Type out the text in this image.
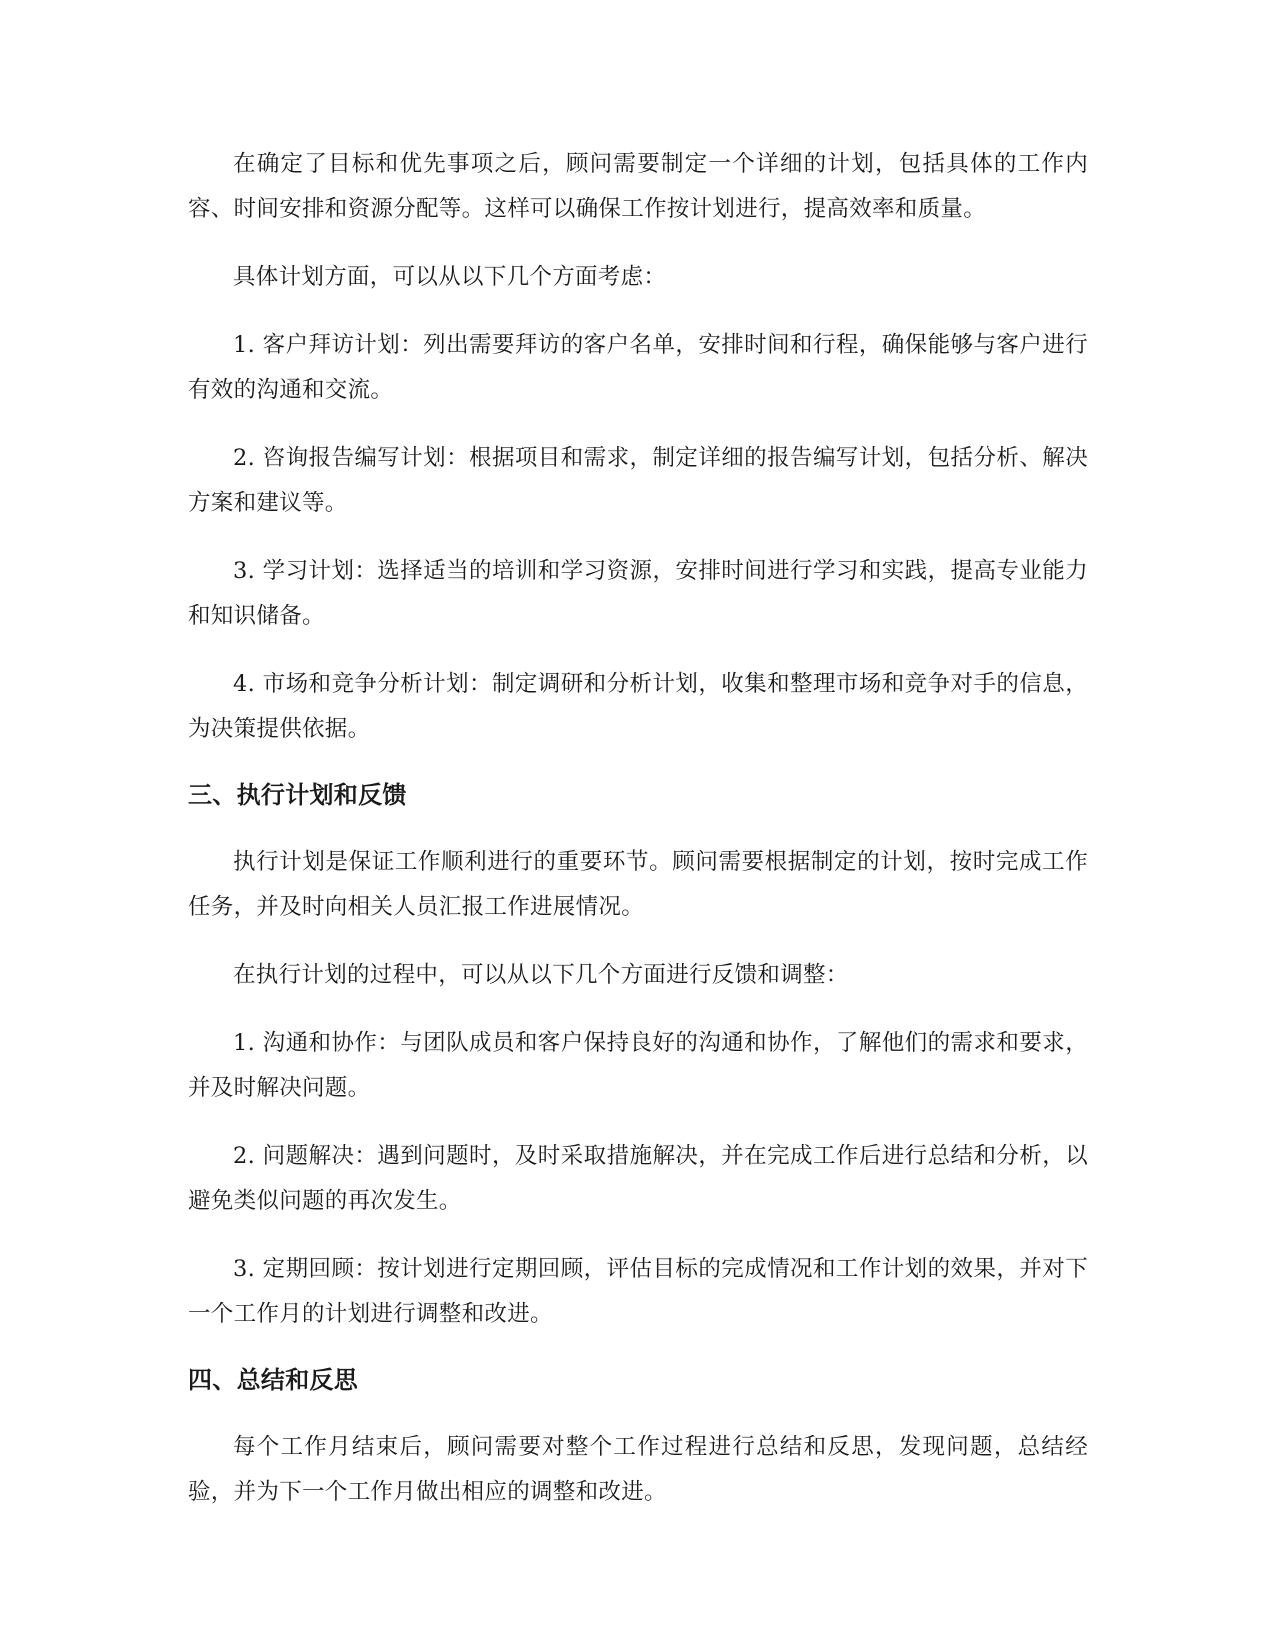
在确定了目标和优先事项之后，顾问需要制定一个详细的计划，包括具体的工作内容、时间安排和资源分配等。这样可以确保工作按计划进行，提高效率和质量。

具体计划方面，可以从以下几个方面考虑：

1. 客户拜访计划：列出需要拜访的客户名单，安排时间和行程，确保能够与客户进行有效的沟通和交流。

2. 咨询报告编写计划：根据项目和需求，制定详细的报告编写计划，包括分析、解决方案和建议等。

3. 学习计划：选择适当的培训和学习资源，安排时间进行学习和实践，提高专业能力和知识储备。

4. 市场和竞争分析计划：制定调研和分析计划，收集和整理市场和竞争对手的信息，为决策提供依据。

三、执行计划和反馈

执行计划是保证工作顺利进行的重要环节。顾问需要根据制定的计划，按时完成工作任务，并及时向相关人员汇报工作进展情况。

在执行计划的过程中，可以从以下几个方面进行反馈和调整：

1. 沟通和协作：与团队成员和客户保持良好的沟通和协作，了解他们的需求和要求，并及时解决问题。

2. 问题解决：遇到问题时，及时采取措施解决，并在完成工作后进行总结和分析，以避免类似问题的再次发生。

3. 定期回顾：按计划进行定期回顾，评估目标的完成情况和工作计划的效果，并对下一个工作月的计划进行调整和改进。

四、总结和反思

每个工作月结束后，顾问需要对整个工作过程进行总结和反思，发现问题，总结经验，并为下一个工作月做出相应的调整和改进。
